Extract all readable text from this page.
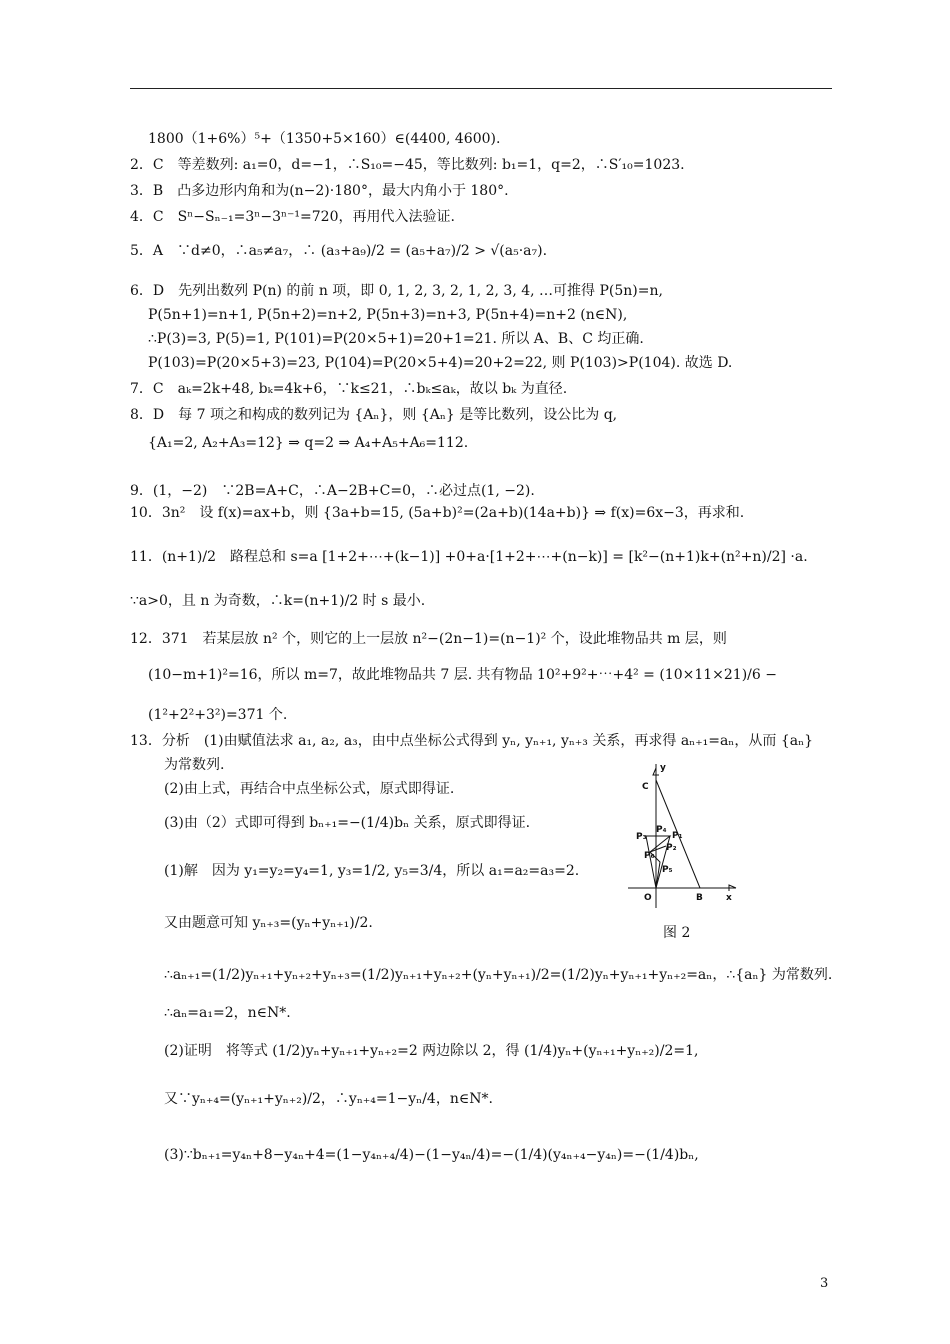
1800（1+6%）⁵+（1350+5×160）∈(4400, 4600).
2．C　等差数列: a₁=0，d=−1，∴S₁₀=−45，等比数列: b₁=1，q=2，∴S′₁₀=1023.
3．B　凸多边形内角和为(n−2)·180°，最大内角小于 180°.
4．C　Sⁿ−Sₙ₋₁=3ⁿ−3ⁿ⁻¹=720，再用代入法验证.
5．A　∵d≠0，∴a₅≠a₇，∴ (a₃+a₉)/2 = (a₅+a₇)/2 > √(a₅·a₇).
6．D　先列出数列 P(n) 的前 n 项，即 0, 1, 2, 3, 2, 1, 2, 3, 4, …可推得 P(5n)=n,
P(5n+1)=n+1, P(5n+2)=n+2, P(5n+3)=n+3, P(5n+4)=n+2 (n∈N),
∴P(3)=3, P(5)=1, P(101)=P(20×5+1)=20+1=21. 所以 A、B、C 均正确.
P(103)=P(20×5+3)=23, P(104)=P(20×5+4)=20+2=22, 则 P(103)>P(104). 故选 D.
7．C　aₖ=2k+48, bₖ=4k+6，∵k≤21，∴bₖ≤aₖ，故以 bₖ 为直径.
8．D　每 7 项之和构成的数列记为 {Aₙ}，则 {Aₙ} 是等比数列，设公比为 q,
{A₁=2, A₂+A₃=12} ⇒ q=2 ⇒ A₄+A₅+A₆=112.
9．(1，−2)　∵2B=A+C，∴A−2B+C=0，∴必过点(1, −2).
10．3n²　设 f(x)=ax+b，则 {3a+b=15, (5a+b)²=(2a+b)(14a+b)} ⇒ f(x)=6x−3，再求和.
11．(n+1)/2　路程总和 s=a [1+2+⋯+(k−1)] +0+a·[1+2+⋯+(n−k)] = [k²−(n+1)k+(n²+n)/2] ·a.
∵a>0，且 n 为奇数，∴k=(n+1)/2 时 s 最小.
12．371　若某层放 n² 个，则它的上一层放 n²−(2n−1)=(n−1)² 个，设此堆物品共 m 层，则
(10−m+1)²=16，所以 m=7，故此堆物品共 7 层. 共有物品 10²+9²+⋯+4² = (10×11×21)/6 −
(1²+2²+3²)=371 个.
13．分析　(1)由赋值法求 a₁, a₂, a₃，由中点坐标公式得到 yₙ, yₙ₊₁, yₙ₊₃ 关系，再求得 aₙ₊₁=aₙ，从而 {aₙ}
为常数列.
(2)由上式，再结合中点坐标公式，原式即得证.
(3)由（2）式即可得到 bₙ₊₁=−(1/4)bₙ 关系，原式即得证.
(1)解　因为 y₁=y₂=y₄=1, y₃=1/2, y₅=3/4，所以 a₁=a₂=a₃=2.
又由题意可知 yₙ₊₃=(yₙ+yₙ₊₁)/2.
∴aₙ₊₁=(1/2)yₙ₊₁+yₙ₊₂+yₙ₊₃=(1/2)yₙ₊₁+yₙ₊₂+(yₙ+yₙ₊₁)/2=(1/2)yₙ+yₙ₊₁+yₙ₊₂=aₙ，∴{aₙ} 为常数列.
∴aₙ=a₁=2，n∈N*.
(2)证明　将等式 (1/2)yₙ+yₙ₊₁+yₙ₊₂=2 两边除以 2，得 (1/4)yₙ+(yₙ₊₁+yₙ₊₂)/2=1,
又∵yₙ₊₄=(yₙ₊₁+yₙ₊₂)/2，∴yₙ₊₄=1−yₙ/4，n∈N*.
(3)∵bₙ₊₁=y₄ₙ+8−y₄ₙ+4=(1−y₄ₙ₊₄/4)−(1−y₄ₙ/4)=−(1/4)(y₄ₙ₊₄−y₄ₙ)=−(1/4)bₙ,
y
x
O
C
B
P₁
P₃
P₄
P₂
P₆
P₅
图 2
3
